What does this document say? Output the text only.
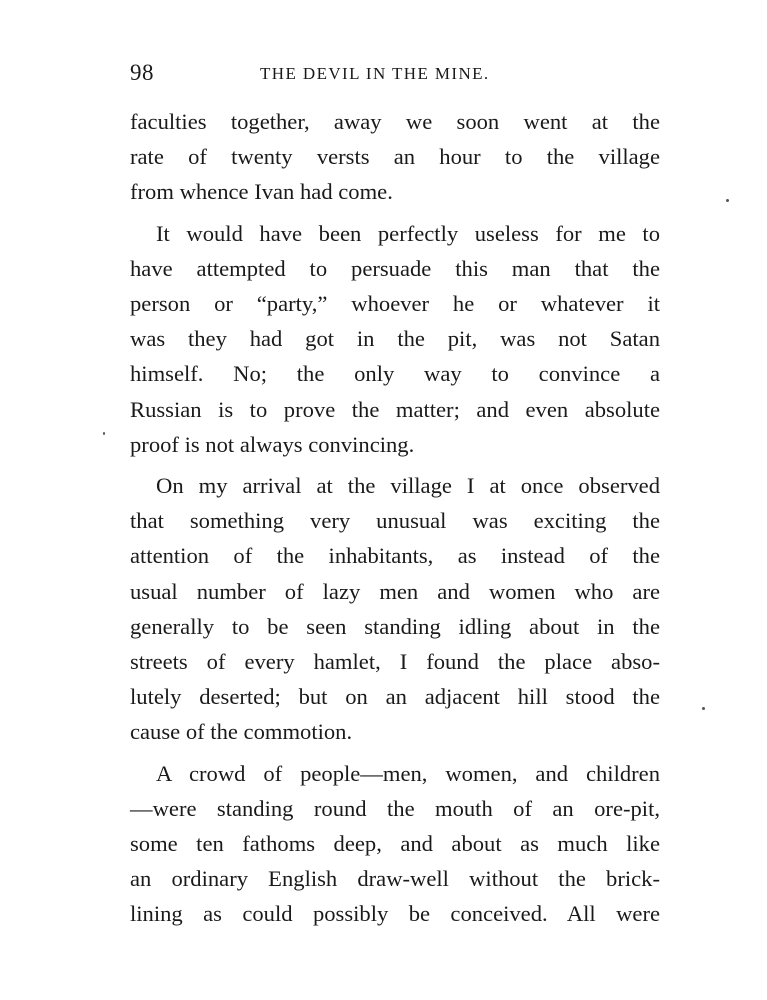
98	THE DEVIL IN THE MINE.

faculties together, away we soon went at the
rate of twenty versts an hour to the village
from whence Ivan had come.

It would have been perfectly useless for me to
have attempted to persuade this man that the
person or “party,” whoever he or whatever it
was they had got in the pit, was not Satan
himself. No; the only way to convince a
Russian is to prove the matter; and even absolute
proof is not always convincing.

On my arrival at the village I at once observed
that something very unusual was exciting the
attention of the inhabitants, as instead of the
usual number of lazy men and women who are
generally to be seen standing idling about in the
streets of every hamlet, I found the place abso-
lutely deserted; but on an adjacent hill stood the
cause of the commotion.

A crowd of people—men, women, and children
—were standing round the mouth of an ore-pit,
some ten fathoms deep, and about as much like
an ordinary English draw-well without the brick-
lining as could possibly be conceived. All were
